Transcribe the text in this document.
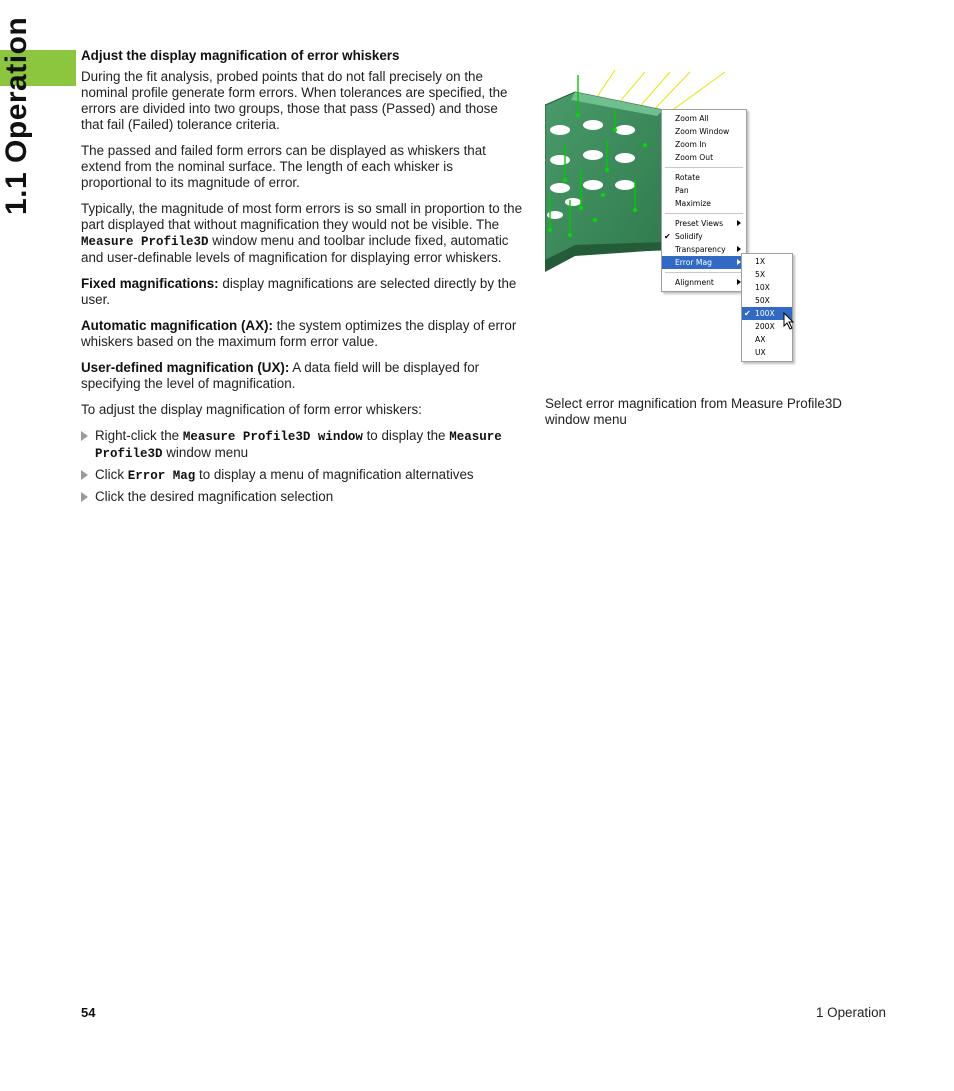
1.1 Operation	Adjust the display magnification of error whiskers

During the fit analysis, probed points that do not fall precisely on the nominal profile generate form errors. When tolerances are specified, the errors are divided into two groups, those that pass (Passed) and those that fail (Failed) tolerance criteria.

The passed and failed form errors can be displayed as whiskers that extend from the nominal surface. The length of each whisker is proportional to its magnitude of error.

Typically, the magnitude of most form errors is so small in proportion to the part displayed that without magnification they would not be visible. The Measure Profile3D window menu and toolbar include fixed, automatic and user-definable levels of magnification for displaying error whiskers.

Fixed magnifications: display magnifications are selected directly by the user.

Automatic magnification (AX): the system optimizes the display of error whiskers based on the maximum form error value.

User-defined magnification (UX): A data field will be displayed for specifying the level of magnification.

To adjust the display magnification of form error whiskers:

Right-click the Measure Profile3D window to display the Measure Profile3D window menu
Click Error Mag to display a menu of magnification alternatives
Click the desired magnification selection
Zoom All
Zoom Window
Zoom In
Zoom Out
Rotate
Pan
Maximize
Preset Views
✔ Solidify
Transparency
Error Mag
Alignment
1X
5X
10X
50X
✔ 100X
200X
AX
UX
Select error magnification from Measure Profile3D window menu
54	1 Operation
